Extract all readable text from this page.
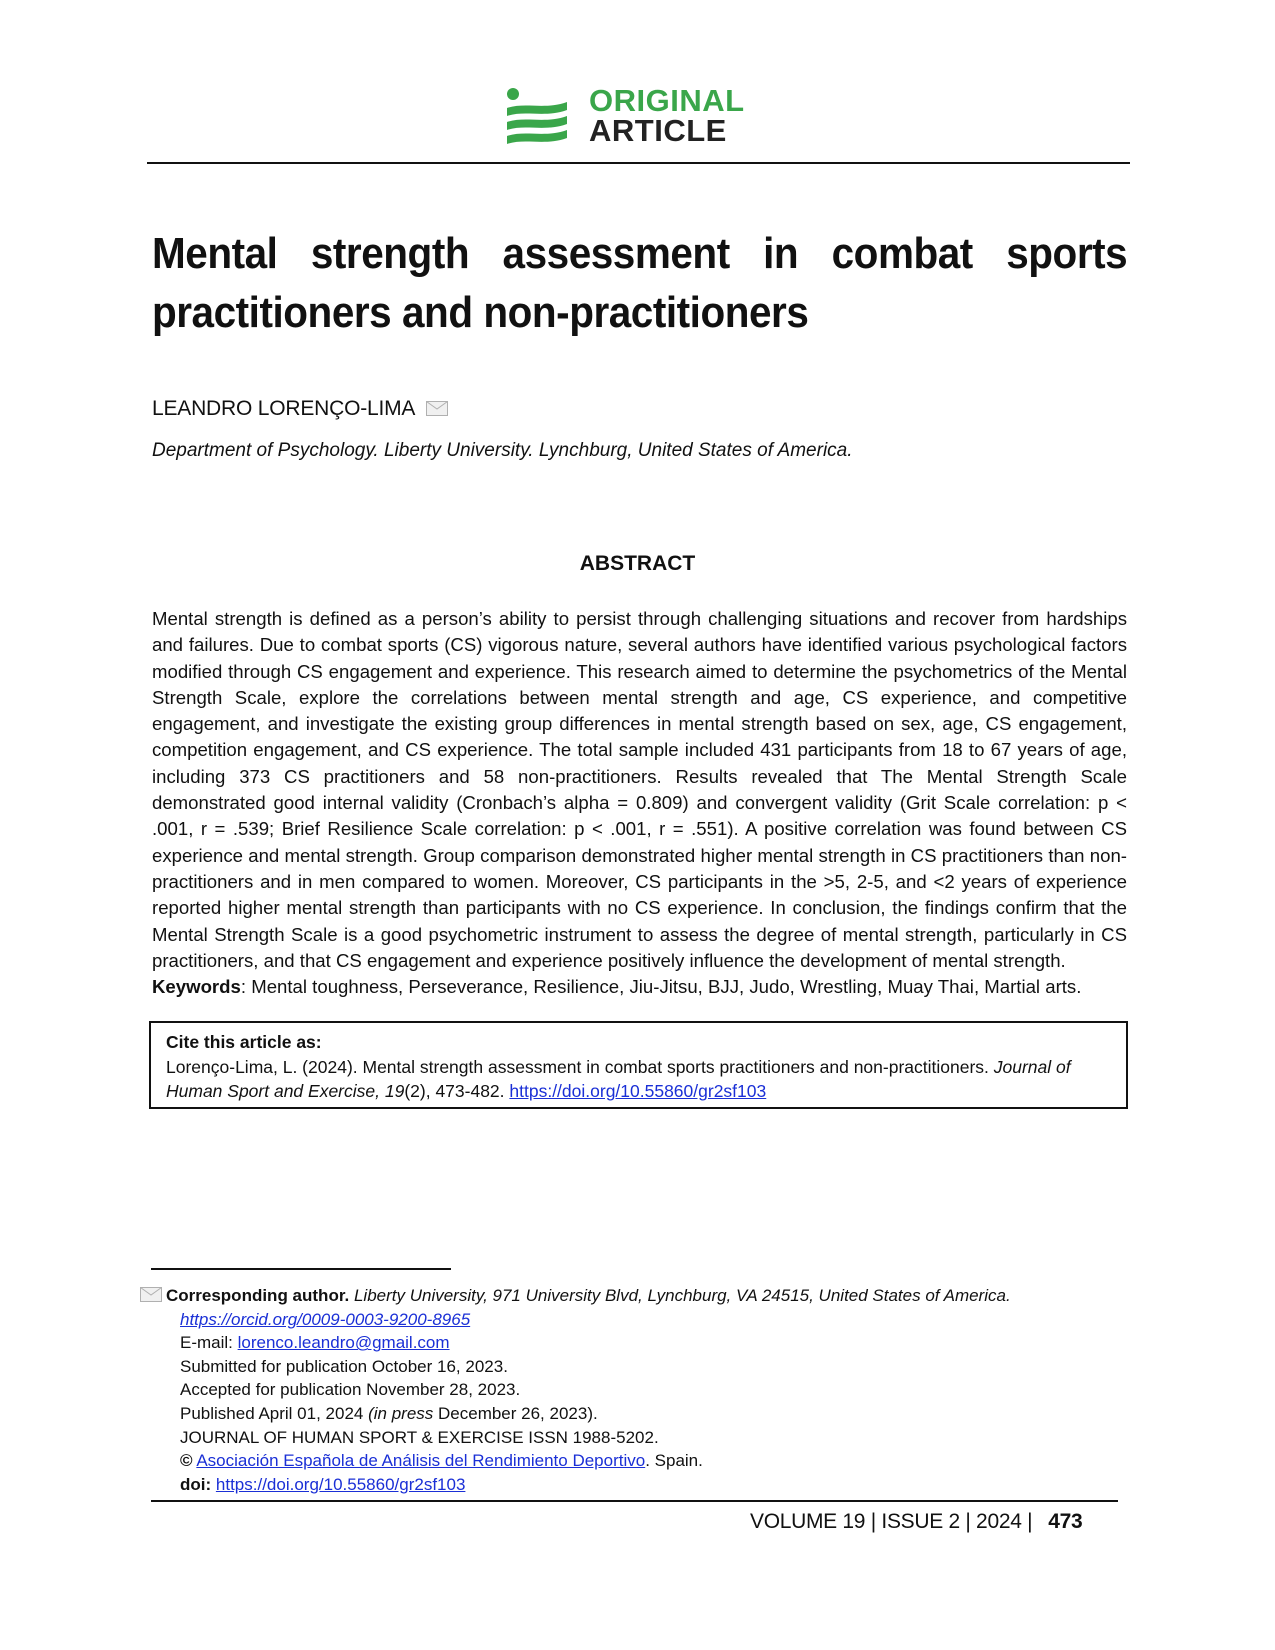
ORIGINAL
ARTICLE
Mental strength assessment in combat sports practitioners and non-practitioners
LEANDRO LORENÇO-LIMA
Department of Psychology. Liberty University. Lynchburg, United States of America.
ABSTRACT
Mental strength is defined as a person’s ability to persist through challenging situations and recover from hardships and failures. Due to combat sports (CS) vigorous nature, several authors have identified various psychological factors modified through CS engagement and experience. This research aimed to determine the psychometrics of the Mental Strength Scale, explore the correlations between mental strength and age, CS experience, and competitive engagement, and investigate the existing group differences in mental strength based on sex, age, CS engagement, competition engagement, and CS experience. The total sample included 431 participants from 18 to 67 years of age, including 373 CS practitioners and 58 non-practitioners. Results revealed that The Mental Strength Scale demonstrated good internal validity (Cronbach’s alpha = 0.809) and convergent validity (Grit Scale correlation: p < .001, r = .539; Brief Resilience Scale correlation: p < .001, r = .551). A positive correlation was found between CS experience and mental strength. Group comparison demonstrated higher mental strength in CS practitioners than non-practitioners and in men compared to women. Moreover, CS participants in the >5, 2-5, and <2 years of experience reported higher mental strength than participants with no CS experience. In conclusion, the findings confirm that the Mental Strength Scale is a good psychometric instrument to assess the degree of mental strength, particularly in CS practitioners, and that CS engagement and experience positively influence the development of mental strength.
Keywords: Mental toughness, Perseverance, Resilience, Jiu-Jitsu, BJJ, Judo, Wrestling, Muay Thai, Martial arts.
Cite this article as:
Lorenço-Lima, L. (2024). Mental strength assessment in combat sports practitioners and non-practitioners. Journal of Human Sport and Exercise, 19(2), 473-482. https://doi.org/10.55860/gr2sf103
Corresponding author. Liberty University, 971 University Blvd, Lynchburg, VA 24515, United States of America.
https://orcid.org/0009-0003-9200-8965
E-mail: lorenco.leandro@gmail.com
Submitted for publication October 16, 2023.
Accepted for publication November 28, 2023.
Published April 01, 2024 (in press December 26, 2023).
JOURNAL OF HUMAN SPORT & EXERCISE ISSN 1988-5202.
© Asociación Española de Análisis del Rendimiento Deportivo. Spain.
doi: https://doi.org/10.55860/gr2sf103
VOLUME 19 | ISSUE 2 | 2024 | 473
